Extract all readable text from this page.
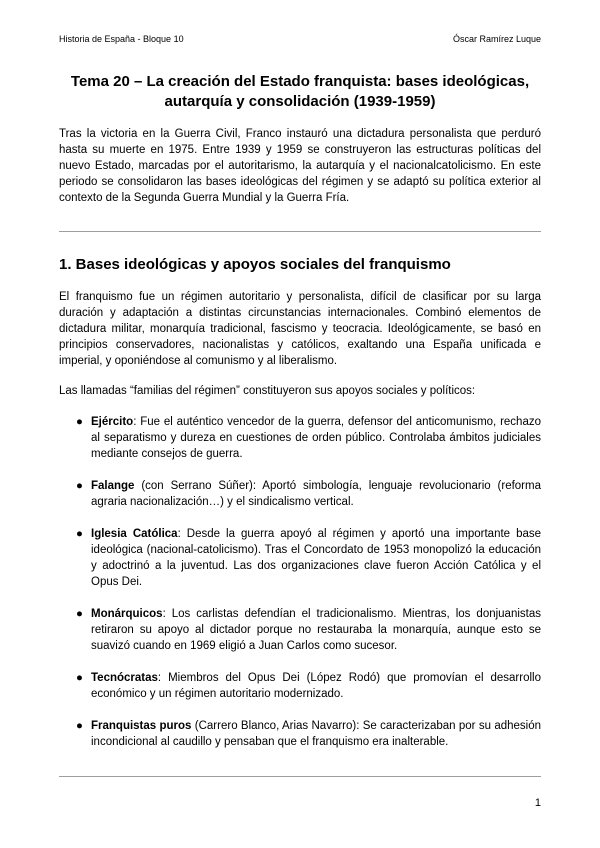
Historia de España - Bloque 10	Óscar Ramírez Luque
Tema 20 – La creación del Estado franquista: bases ideológicas, autarquía y consolidación (1939-1959)

Tras la victoria en la Guerra Civil, Franco instauró una dictadura personalista que perduró hasta su muerte en 1975. Entre 1939 y 1959 se construyeron las estructuras políticas del nuevo Estado, marcadas por el autoritarismo, la autarquía y el nacionalcatolicismo. En este periodo se consolidaron las bases ideológicas del régimen y se adaptó su política exterior al contexto de la Segunda Guerra Mundial y la Guerra Fría.

1. Bases ideológicas y apoyos sociales del franquismo

El franquismo fue un régimen autoritario y personalista, difícil de clasificar por su larga duración y adaptación a distintas circunstancias internacionales. Combinó elementos de dictadura militar, monarquía tradicional, fascismo y teocracia. Ideológicamente, se basó en principios conservadores, nacionalistas y católicos, exaltando una España unificada e imperial, y oponiéndose al comunismo y al liberalismo.

Las llamadas “familias del régimen” constituyeron sus apoyos sociales y políticos:

● Ejército: Fue el auténtico vencedor de la guerra, defensor del anticomunismo, rechazo al separatismo y dureza en cuestiones de orden público. Controlaba ámbitos judiciales mediante consejos de guerra.
● Falange (con Serrano Súñer): Aportó simbología, lenguaje revolucionario (reforma agraria nacionalización…) y el sindicalismo vertical.
● Iglesia Católica: Desde la guerra apoyó al régimen y aportó una importante base ideológica (nacional-catolicismo). Tras el Concordato de 1953 monopolizó la educación y adoctrinó a la juventud. Las dos organizaciones clave fueron Acción Católica y el Opus Dei.
● Monárquicos: Los carlistas defendían el tradicionalismo. Mientras, los donjuanistas retiraron su apoyo al dictador porque no restauraba la monarquía, aunque esto se suavizó cuando en 1969 eligió a Juan Carlos como sucesor.
● Tecnócratas: Miembros del Opus Dei (López Rodó) que promovían el desarrollo económico y un régimen autoritario modernizado.
● Franquistas puros (Carrero Blanco, Arias Navarro): Se caracterizaban por su adhesión incondicional al caudillo y pensaban que el franquismo era inalterable.
1
